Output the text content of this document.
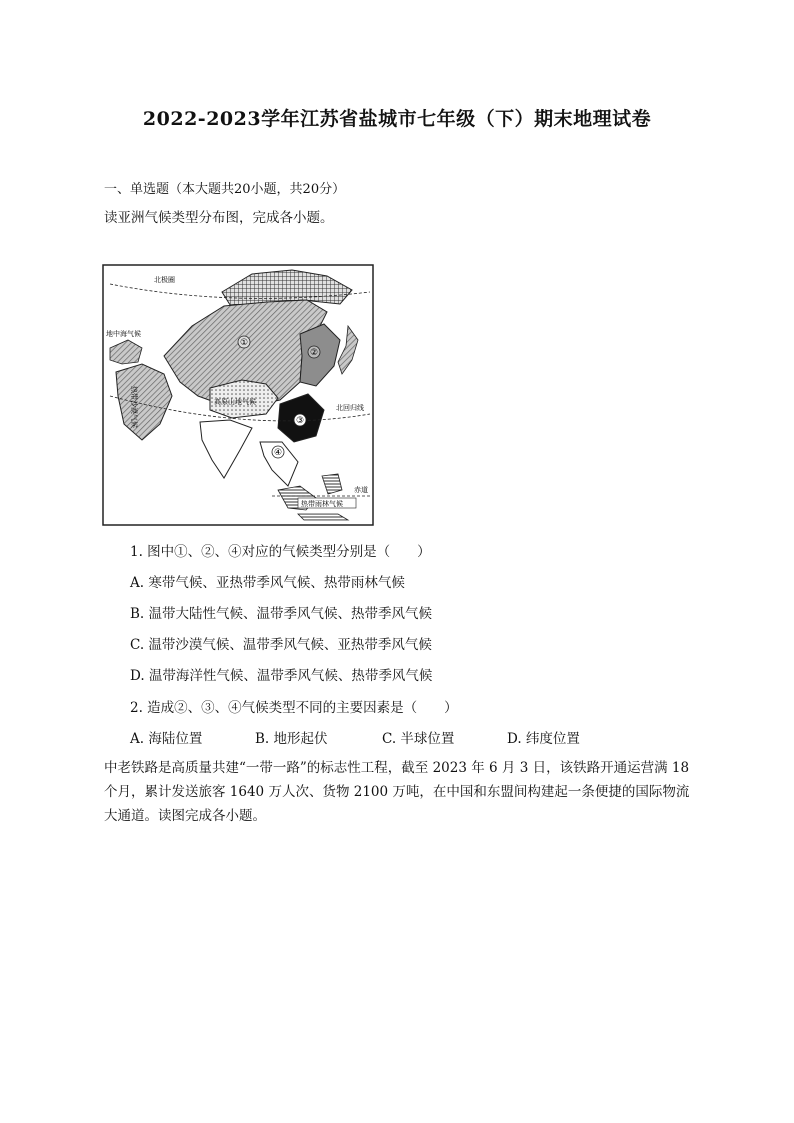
2022-2023学年江苏省盐城市七年级（下）期末地理试卷
一、单选题（本大题共20小题，共20分）
读亚洲气候类型分布图，完成各小题。
北极圈
地中海气候
热带沙漠气候	高原山地气候
北回归线
赤道
热带雨林气候
①
②
③
④
1. 图中①、②、④对应的气候类型分别是（　　）
A. 寒带气候、亚热带季风气候、热带雨林气候
B. 温带大陆性气候、温带季风气候、热带季风气候
C. 温带沙漠气候、温带季风气候、亚热带季风气候
D. 温带海洋性气候、温带季风气候、热带季风气候
2. 造成②、③、④气候类型不同的主要因素是（　　）
A. 海陆位置	B. 地形起伏	C. 半球位置	D. 纬度位置

中老铁路是高质量共建“一带一路”的标志性工程，截至 2023 年 6 月 3 日，该铁路开通运营满 18

个月，累计发送旅客 1640 万人次、货物 2100 万吨，在中国和东盟间构建起一条便捷的国际物流

大通道。读图完成各小题。
